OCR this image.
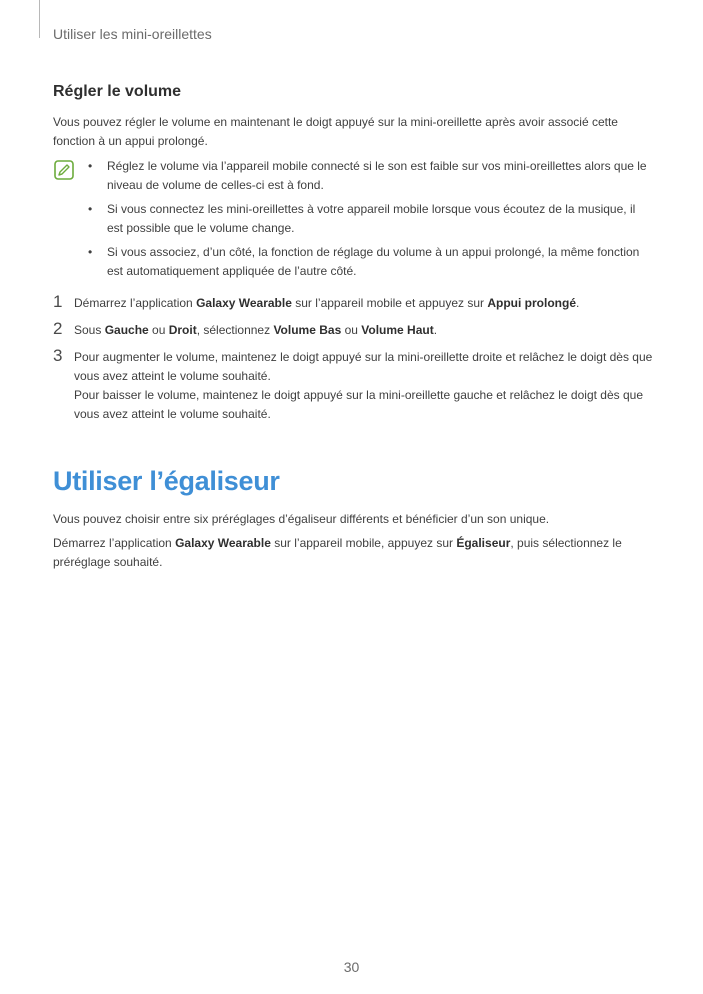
Utiliser les mini-oreillettes
Régler le volume
Vous pouvez régler le volume en maintenant le doigt appuyé sur la mini-oreillette après avoir associé cette fonction à un appui prolongé.
• Réglez le volume via l’appareil mobile connecté si le son est faible sur vos mini-oreillettes alors que le niveau de volume de celles-ci est à fond.
• Si vous connectez les mini-oreillettes à votre appareil mobile lorsque vous écoutez de la musique, il est possible que le volume change.
• Si vous associez, d’un côté, la fonction de réglage du volume à un appui prolongé, la même fonction est automatiquement appliquée de l’autre côté.
1 Démarrez l’application Galaxy Wearable sur l’appareil mobile et appuyez sur Appui prolongé.
2 Sous Gauche ou Droit, sélectionnez Volume Bas ou Volume Haut.
3 Pour augmenter le volume, maintenez le doigt appuyé sur la mini-oreillette droite et relâchez le doigt dès que vous avez atteint le volume souhaité.
Pour baisser le volume, maintenez le doigt appuyé sur la mini-oreillette gauche et relâchez le doigt dès que vous avez atteint le volume souhaité.
Utiliser l’égaliseur
Vous pouvez choisir entre six préréglages d’égaliseur différents et bénéficier d’un son unique.
Démarrez l’application Galaxy Wearable sur l’appareil mobile, appuyez sur Égaliseur, puis sélectionnez le préréglage souhaité.
30
